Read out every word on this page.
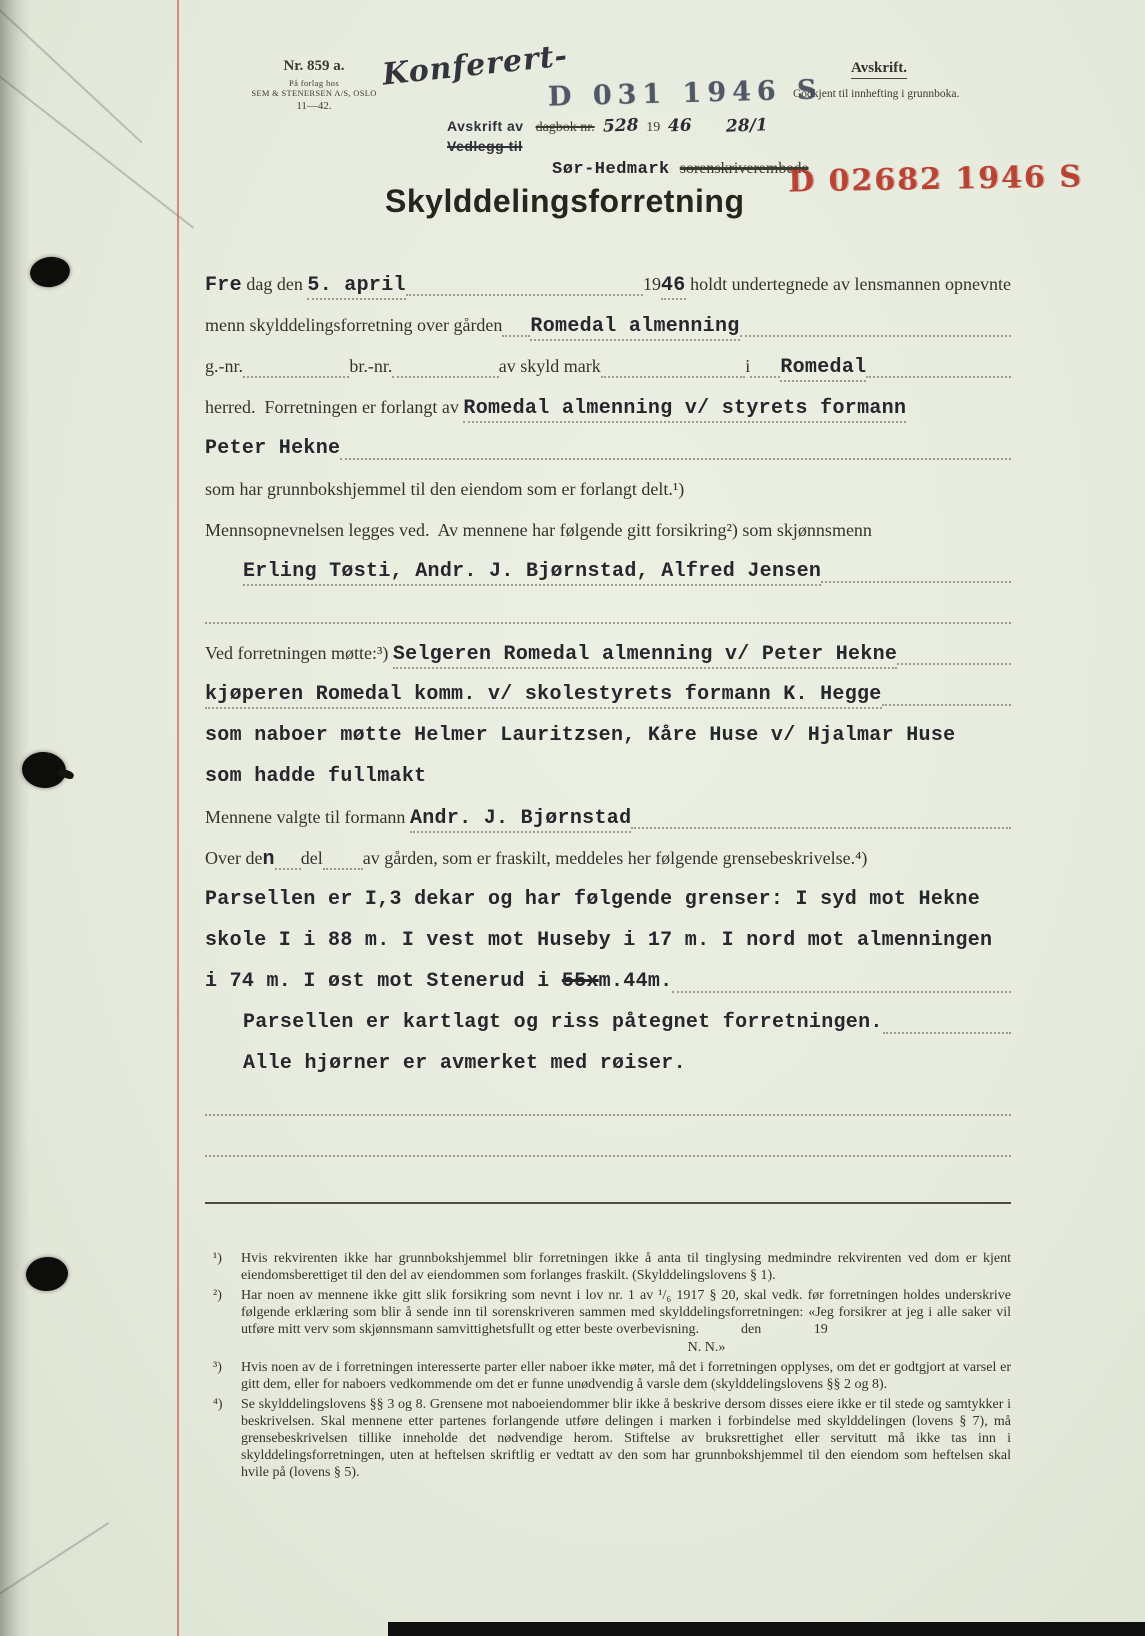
Nr. 859 a.
På forlag hos
SEM & STENERSEN A/S, OSLO
11—42.
Konferert-
Avskrift av dagbok nr. 528 19 46 28/1
Vedlegg til
Sør-Hedmark sorenskriverembede
Avskrift.
Godkjent til innhefting i grunnboka.
D 031 1946 S
D 02682 1946 S
Skylddelingsforretning
Fre dag den 5. april	19 46 holdt undertegnede av lensmannen opnevnte
menn skylddelingsforretning over gården Romedal almenning
g.-nr.	br.-nr.	av skyld mark	i Romedal
herred.  Forretningen er forlangt av Romedal almenning v/ styrets formann
Peter Hekne
som har grunnbokshjemmel til den eiendom som er forlangt delt.¹)
Mennsopnevnelsen legges ved.  Av mennene har følgende gitt forsikring²) som skjønnsmenn
Erling Tøsti, Andr. J. Bjørnstad, Alfred Jensen
Ved forretningen møtte:³) Selgeren Romedal almenning v/ Peter Hekne
kjøperen Romedal komm. v/ skolestyrets formann K. Hegge
som naboer møtte Helmer Lauritzsen, Kåre Huse v/ Hjalmar Huse
som hadde fullmakt
Mennene valgte til formann Andr. J. Bjørnstad
Over de n del av gården, som er fraskilt, meddeles her følgende grensebeskrivelse.⁴)
Parsellen er I,3 dekar og har følgende grenser: I syd mot Hekne
skole I i 88 m. I vest mot Huseby i 17 m. I nord mot almenningen
i 74 m. I øst mot Stenerud i 55x m.44m.
Parsellen er kartlagt og riss påtegnet forretningen.
Alle hjørner er avmerket med røiser.
¹) Hvis rekvirenten ikke har grunnbokshjemmel blir forretningen ikke å anta til tinglysing medmindre rekvirenten ved dom er kjent eiendomsberettiget til den del av eiendommen som forlanges fraskilt. (Skylddelingslovens § 1).
²) Har noen av mennene ikke gitt slik forsikring som nevnt i lov nr. 1 av ¹/₆ 1917 § 20, skal vedk. før forretningen holdes underskrive følgende erklæring som blir å sende inn til sorenskriveren sammen med skylddelingsforretningen: «Jeg forsikrer at jeg i alle saker vil utføre mitt verv som skjønnsmann samvittighetsfullt og etter beste overbevisning.            den               19
N. N.»
³) Hvis noen av de i forretningen interesserte parter eller naboer ikke møter, må det i forretningen opplyses, om det er godtgjort at varsel er gitt dem, eller for naboers vedkommende om det er funne unødvendig å varsle dem (skylddelingslovens §§ 2 og 8).
⁴) Se skylddelingslovens §§ 3 og 8. Grensene mot naboeiendommer blir ikke å beskrive dersom disses eiere ikke er til stede og samtykker i beskrivelsen. Skal mennene etter partenes forlangende utføre delingen i marken i forbindelse med skylddelingen (lovens § 7), må grensebeskrivelsen tillike inneholde det nødvendige herom. Stiftelse av bruksrettighet eller servitutt må ikke tas inn i skylddelingsforretningen, uten at heftelsen skriftlig er vedtatt av den som har grunnbokshjemmel til den eiendom som heftelsen skal hvile på (lovens § 5).
